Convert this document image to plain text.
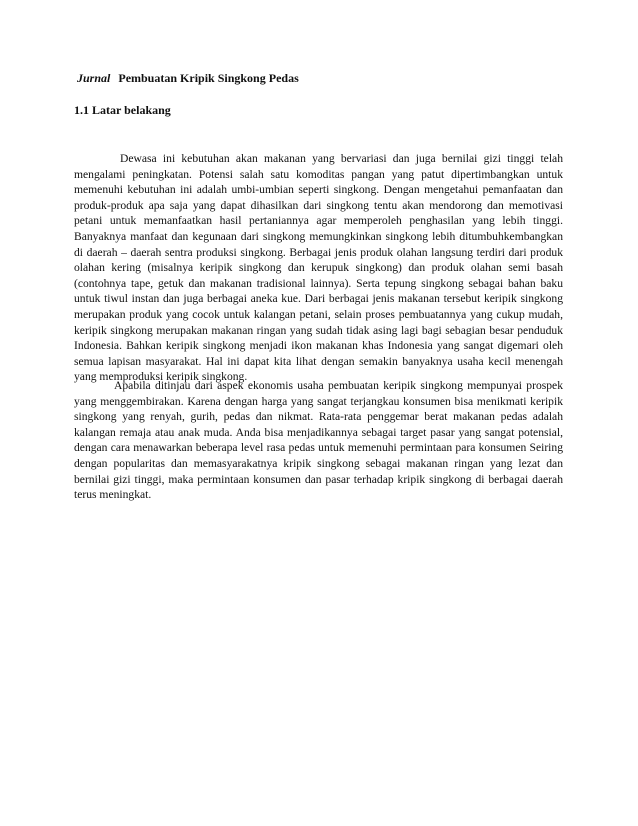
Jurnal Pembuatan Kripik Singkong Pedas
1.1 Latar belakang

Dewasa ini kebutuhan akan makanan yang bervariasi dan juga bernilai gizi tinggi telah mengalami peningkatan. Potensi salah satu komoditas pangan yang patut dipertimbangkan untuk memenuhi kebutuhan ini adalah umbi-umbian seperti singkong. Dengan mengetahui pemanfaatan dan produk-produk apa saja yang dapat dihasilkan dari singkong tentu akan mendorong dan memotivasi petani untuk memanfaatkan hasil pertaniannya agar memperoleh penghasilan yang lebih tinggi. Banyaknya manfaat dan kegunaan dari singkong memungkinkan singkong lebih ditumbuhkembangkan di daerah – daerah sentra produksi singkong. Berbagai jenis produk olahan langsung terdiri dari produk olahan kering (misalnya keripik singkong dan kerupuk singkong) dan produk olahan semi basah (contohnya tape, getuk dan makanan tradisional lainnya). Serta tepung singkong sebagai bahan baku untuk tiwul instan dan juga berbagai aneka kue. Dari berbagai jenis makanan tersebut keripik singkong merupakan produk yang cocok untuk kalangan petani, selain proses pembuatannya yang cukup mudah, keripik singkong merupakan makanan ringan yang sudah tidak asing lagi bagi sebagian besar penduduk Indonesia. Bahkan keripik singkong menjadi ikon makanan khas Indonesia yang sangat digemari oleh semua lapisan masyarakat. Hal ini dapat kita lihat dengan semakin banyaknya usaha kecil menengah yang memproduksi keripik singkong.

Apabila ditinjau dari aspek ekonomis usaha pembuatan keripik singkong mempunyai prospek yang menggembirakan. Karena dengan harga yang sangat terjangkau konsumen bisa menikmati keripik singkong yang renyah, gurih, pedas dan nikmat. Rata-rata penggemar berat makanan pedas adalah kalangan remaja atau anak muda. Anda bisa menjadikannya sebagai target pasar yang sangat potensial, dengan cara menawarkan beberapa level rasa pedas untuk memenuhi permintaan para konsumen Seiring dengan popularitas dan memasyarakatnya kripik singkong sebagai makanan ringan yang lezat dan bernilai gizi tinggi, maka permintaan konsumen dan pasar terhadap kripik singkong di berbagai daerah terus meningkat.
